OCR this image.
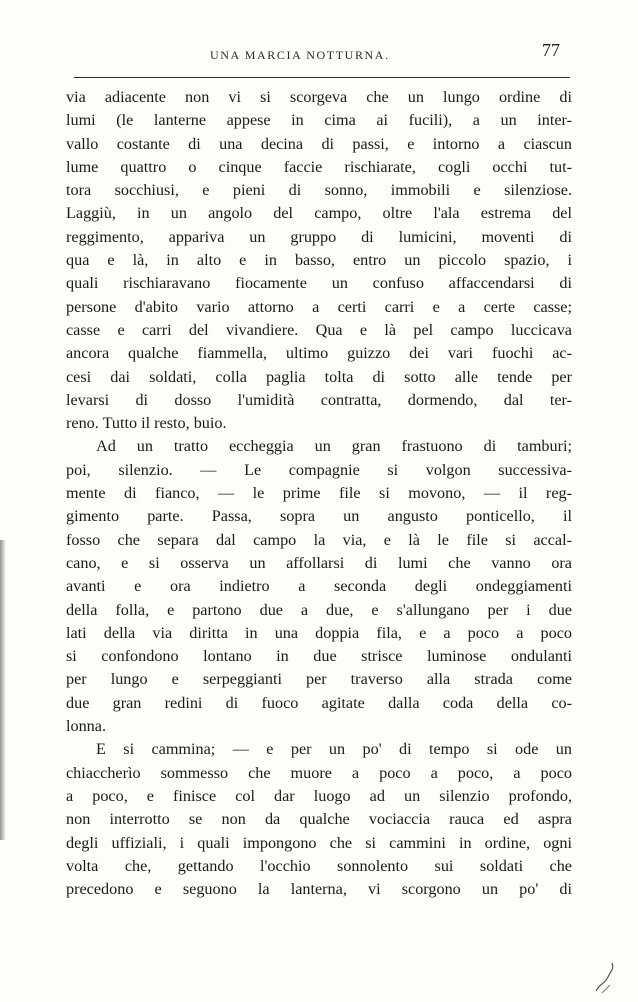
UNA MARCIA NOTTURNA.	77
via adiacente non vi si scorgeva che un lungo ordine di
lumi (le lanterne appese in cima ai fucili), a un inter-
vallo costante di una decina di passi, e intorno a ciascun
lume quattro o cinque faccie rischiarate, cogli occhi tut-
tora socchiusi, e pieni di sonno, immobili e silenziose.
Laggiù, in un angolo del campo, oltre l'ala estrema del
reggimento, appariva un gruppo di lumicini, moventi di
qua e là, in alto e in basso, entro un piccolo spazio, i
quali rischiaravano fiocamente un confuso affaccendarsi di
persone d'abito vario attorno a certi carri e a certe casse;
casse e carri del vivandiere. Qua e là pel campo luccicava
ancora qualche fiammella, ultimo guizzo dei vari fuochi ac-
cesi dai soldati, colla paglia tolta di sotto alle tende per
levarsi di dosso l'umidità contratta, dormendo, dal ter-
reno. Tutto il resto, buio.
Ad un tratto eccheggia un gran frastuono di tamburi;
poi, silenzio. — Le compagnie si volgon successiva-
mente di fianco, — le prime file si movono, — il reg-
gimento parte. Passa, sopra un angusto ponticello, il
fosso che separa dal campo la via, e là le file si accal-
cano, e si osserva un affollarsi di lumi che vanno ora
avanti e ora indietro a seconda degli ondeggiamenti
della folla, e partono due a due, e s'allungano per i due
lati della via diritta in una doppia fila, e a poco a poco
si confondono lontano in due strisce luminose ondulanti
per lungo e serpeggianti per traverso alla strada come
due gran redini di fuoco agitate dalla coda della co-
lonna.
E si cammina; — e per un po' di tempo si ode un
chiaccherìo sommesso che muore a poco a poco, a poco
a poco, e finisce col dar luogo ad un silenzio profondo,
non interrotto se non da qualche vociaccia rauca ed aspra
degli uffiziali, i quali impongono che si cammini in ordine, ogni
volta che, gettando l'occhio sonnolento sui soldati che
precedono e seguono la lanterna, vi scorgono un po' di
